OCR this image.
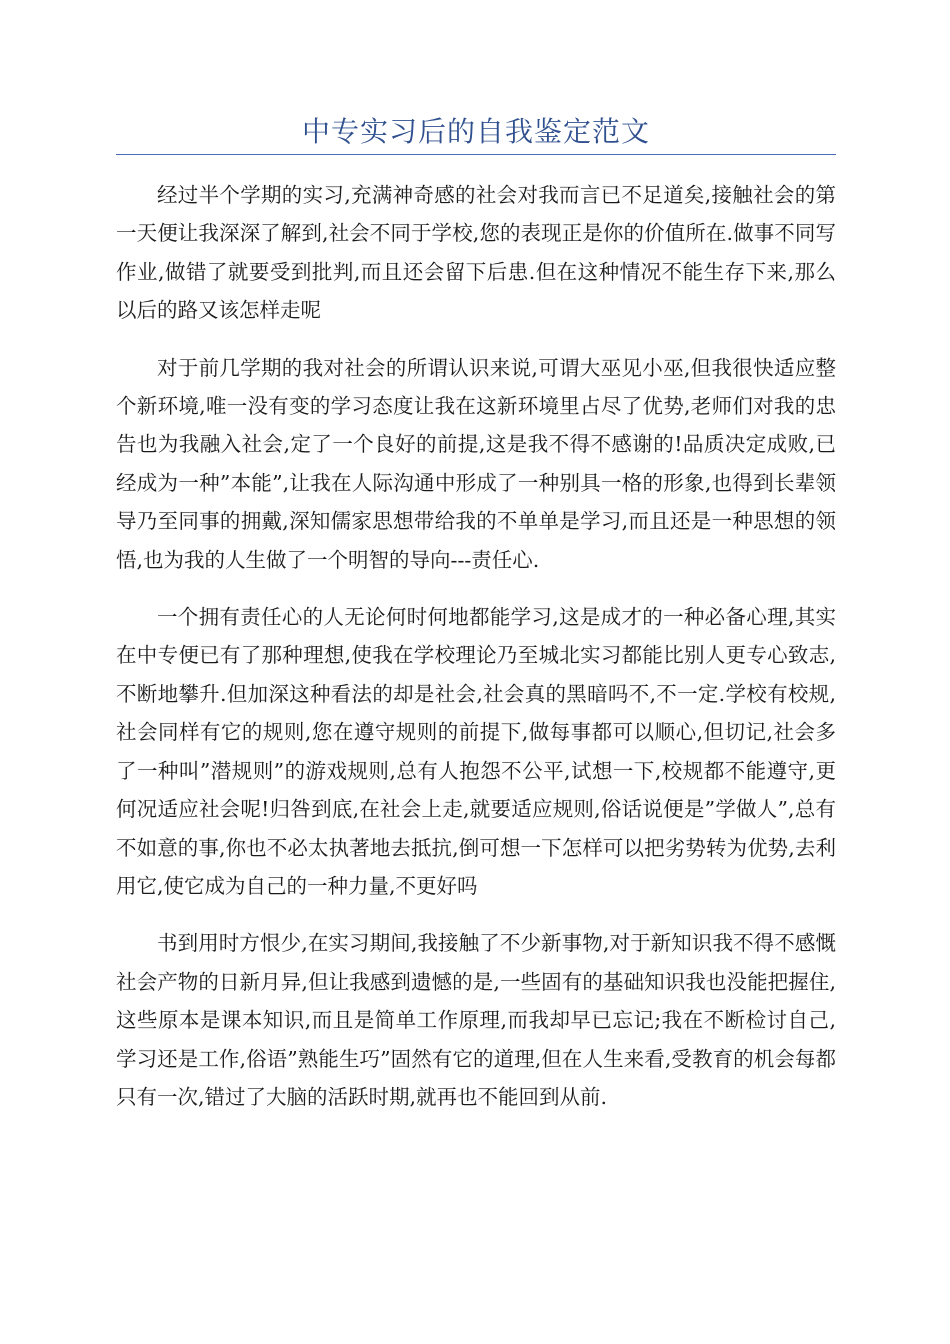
中专实习后的自我鉴定范文

经过半个学期的实习,充满神奇感的社会对我而言已不足道矣,接触社会的第一天便让我深深了解到,社会不同于学校,您的表现正是你的价值所在.做事不同写作业,做错了就要受到批判,而且还会留下后患.但在这种情况不能生存下来,那么以后的路又该怎样走呢

对于前几学期的我对社会的所谓认识来说,可谓大巫见小巫,但我很快适应整个新环境,唯一没有变的学习态度让我在这新环境里占尽了优势,老师们对我的忠告也为我融入社会,定了一个良好的前提,这是我不得不感谢的!品质决定成败,已经成为一种”本能”,让我在人际沟通中形成了一种别具一格的形象,也得到长辈领导乃至同事的拥戴,深知儒家思想带给我的不单单是学习,而且还是一种思想的领悟,也为我的人生做了一个明智的导向---责任心.

一个拥有责任心的人无论何时何地都能学习,这是成才的一种必备心理,其实在中专便已有了那种理想,使我在学校理论乃至城北实习都能比别人更专心致志,不断地攀升.但加深这种看法的却是社会,社会真的黑暗吗不,不一定.学校有校规,社会同样有它的规则,您在遵守规则的前提下,做每事都可以顺心,但切记,社会多了一种叫”潜规则”的游戏规则,总有人抱怨不公平,试想一下,校规都不能遵守,更何况适应社会呢!归咎到底,在社会上走,就要适应规则,俗话说便是”学做人”,总有不如意的事,你也不必太执著地去抵抗,倒可想一下怎样可以把劣势转为优势,去利用它,使它成为自己的一种力量,不更好吗

书到用时方恨少,在实习期间,我接触了不少新事物,对于新知识我不得不感慨社会产物的日新月异,但让我感到遗憾的是,一些固有的基础知识我也没能把握住,这些原本是课本知识,而且是简单工作原理,而我却早已忘记;我在不断检讨自己,学习还是工作,俗语”熟能生巧”固然有它的道理,但在人生来看,受教育的机会每都只有一次,错过了大脑的活跃时期,就再也不能回到从前.
